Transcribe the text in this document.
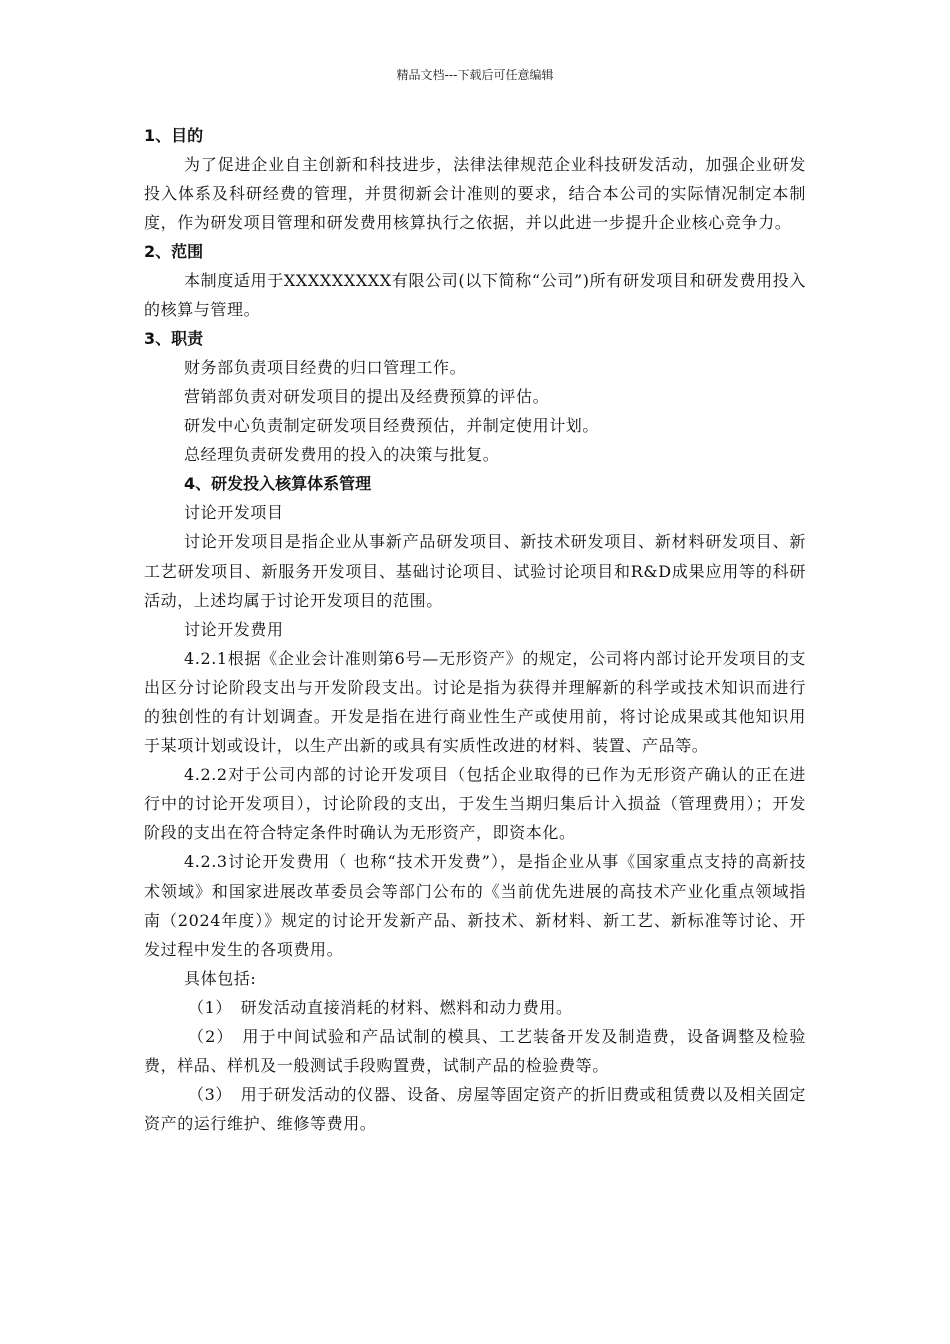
精品文档---下载后可任意编辑

1、目的

为了促进企业自主创新和科技进步，法律法律规范企业科技研发活动，加强企业研发投入体系及科研经费的管理，并贯彻新会计准则的要求，结合本公司的实际情况制定本制度，作为研发项目管理和研发费用核算执行之依据，并以此进一步提升企业核心竞争力。

2、范围

本制度适用于XXXXXXXXX有限公司(以下简称“公司”)所有研发项目和研发费用投入的核算与管理。

3、职责

财务部负责项目经费的归口管理工作。

营销部负责对研发项目的提出及经费预算的评估。

研发中心负责制定研发项目经费预估，并制定使用计划。

总经理负责研发费用的投入的决策与批复。

4、研发投入核算体系管理

讨论开发项目

讨论开发项目是指企业从事新产品研发项目、新技术研发项目、新材料研发项目、新工艺研发项目、新服务开发项目、基础讨论项目、试验讨论项目和R&D成果应用等的科研活动，上述均属于讨论开发项目的范围。

讨论开发费用

4.2.1根据《企业会计准则第6号—无形资产》的规定，公司将内部讨论开发项目的支出区分讨论阶段支出与开发阶段支出。讨论是指为获得并理解新的科学或技术知识而进行的独创性的有计划调查。开发是指在进行商业性生产或使用前，将讨论成果或其他知识用于某项计划或设计，以生产出新的或具有实质性改进的材料、装置、产品等。

4.2.2对于公司内部的讨论开发项目（包括企业取得的已作为无形资产确认的正在进行中的讨论开发项目），讨论阶段的支出，于发生当期归集后计入损益（管理费用）；开发阶段的支出在符合特定条件时确认为无形资产，即资本化。

4.2.3讨论开发费用（ 也称“技术开发费”），是指企业从事《国家重点支持的高新技术领域》和国家进展改革委员会等部门公布的《当前优先进展的高技术产业化重点领域指南（2024年度）》规定的讨论开发新产品、新技术、新材料、新工艺、新标准等讨论、开发过程中发生的各项费用。

具体包括:

（1）　研发活动直接消耗的材料、燃料和动力费用。

（2）　用于中间试验和产品试制的模具、工艺装备开发及制造费，设备调整及检验费，样品、样机及一般测试手段购置费，试制产品的检验费等。

（3）　用于研发活动的仪器、设备、房屋等固定资产的折旧费或租赁费以及相关固定资产的运行维护、维修等费用。
